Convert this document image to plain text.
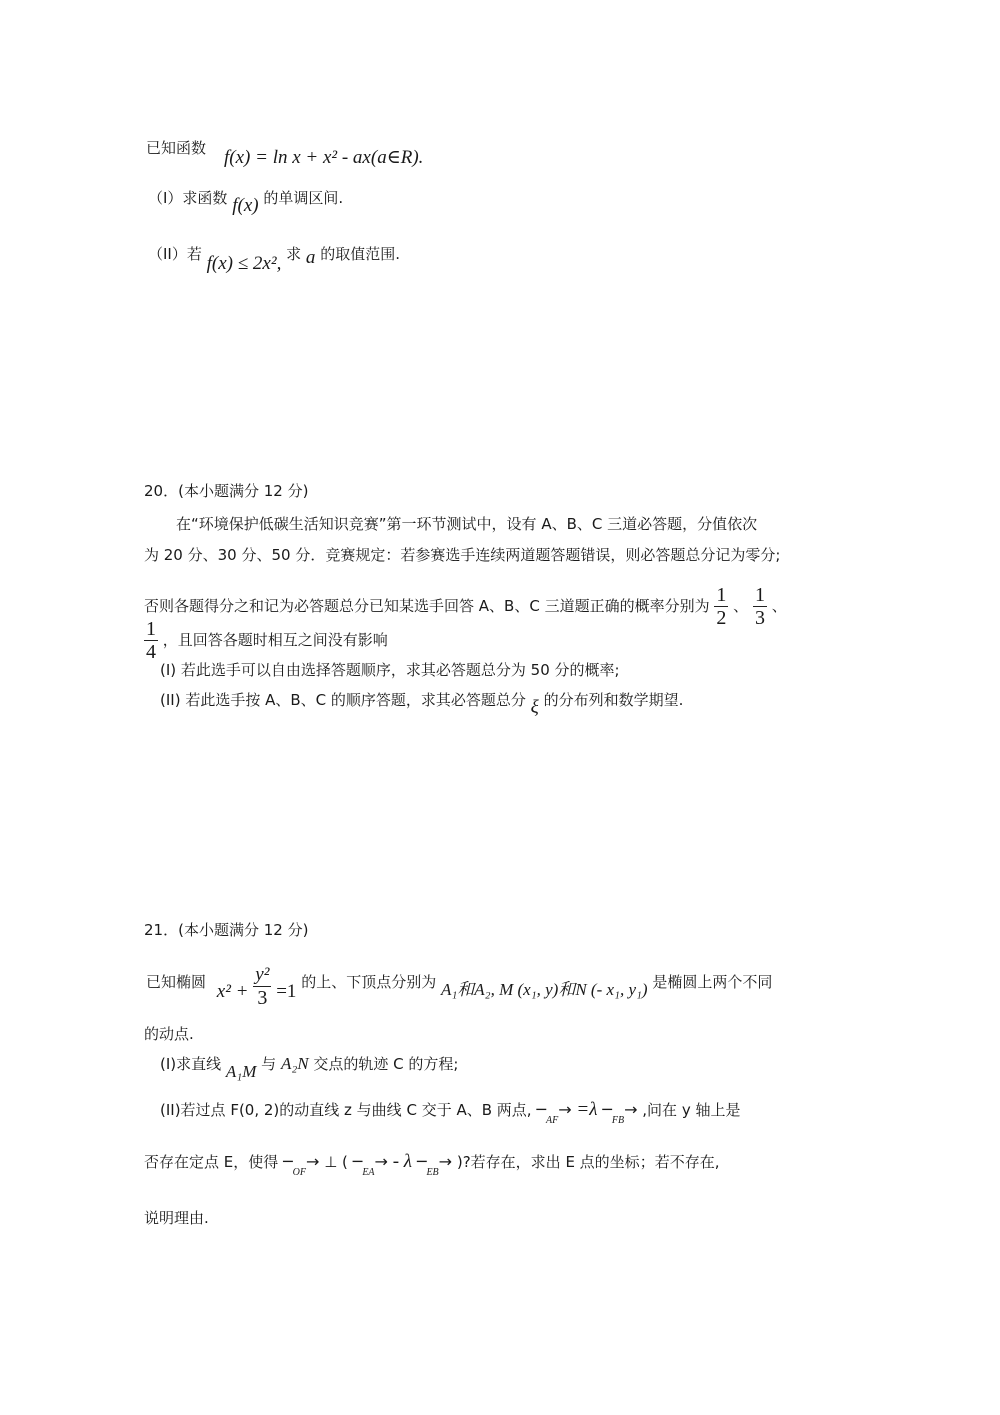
已知函数 f(x) = ln x + x² - ax(a∈R).
（I）求函数 f(x) 的单调区间.
（II）若 f(x) ≤ 2x², 求 a 的取值范围.
20．(本小题满分 12 分)
在“环境保护低碳生活知识竞赛”第一环节测试中，设有 A、B、C 三道必答题，分值依次
为 20 分、30 分、50 分．竞赛规定：若参赛选手连续两道题答题错误，则必答题总分记为零分;
否则各题得分之和记为必答题总分已知某选手回答 A、B、C 三道题正确的概率分别为 $\frac{1}{2}$ 、 $\frac{1}{3}$ 、
$\frac{1}{4}$ ，且回答各题时相互之间没有影响
(I) 若此选手可以自由选择答题顺序，求其必答题总分为 50 分的概率;
(II) 若此选手按 A、B、C 的顺序答题，求其必答题总分 ξ 的分布列和数学期望.
21．(本小题满分 12 分)
已知椭圆 $x^2 + \frac{\text{y²}}{3} =1$ 的上、下顶点分别为 A₁和A₂, M (x₁, y)和N (- x₁, y₁) 是椭圆上两个不同
的动点.
(I)求直线 A₁M 与 A₂N 交点的轨迹 C 的方程;
(II)若过点 F(0, 2)的动直线 z 与曲线 C 交于 A、B 两点, $─_{AF}\to =\lambda$ $─_{FB}\to$ ,问在 y 轴上是
否存在定点 E，使得 $─_{OF}\to$ ⊥ ( $─_{EA}\to - \lambda$ $─_{EB}\to$ )?若存在，求出 E 点的坐标；若不存在,
说明理由.
